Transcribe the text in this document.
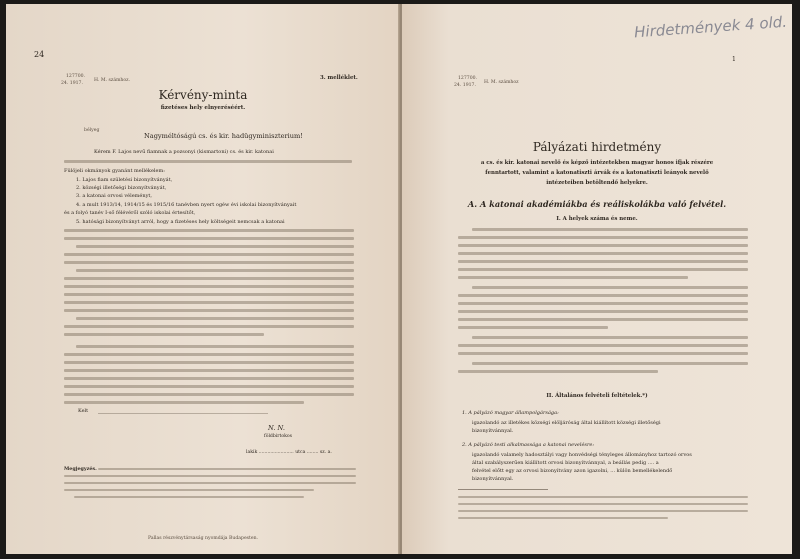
24
127700.
24. 1917.
H. M. számhoz.	3. melléklet.
Kérvény-minta
fizetéses hely elnyeréséért.
bélyeg
Nagyméltóságú cs. és kir. hadügyminiszterium!
Kérem F. Lajos nevű fiamnak a pozsonyi (kismartoni) cs. és kir. katonai
Fülöjeli okmányok gyanánt mellékelem:
1. Lajos fiam születési bizonyítványát,
2. községi illetőségi bizonyítványát,
3. a katonai orvosi véleményt,
4. a mult 1913/14, 1914/15 és 1915/16 tanévben nyert ogéw évi iskolai bizonyítványait
és a folyó tanév I-ső félévéről szóló iskolai értesítőt,
5. hatósági bizonyítványt arról, hogy a fizetéses hely költségeit nemcsak a katonai
Kelt
N. N.
földbirtokos
lakik ........................ utca ........ sz. a.
Megjegyzés.
Pallas részvénytársaság nyomdája Budapesten.
Hirdetmények 4 old.
1
127700.
24. 1917.
H. M. számhoz
Pályázati hirdetmény
a cs. és kir. katonai nevelő és képző intézetekben magyar honos ifjak részére
fenntartott, valamint a katonatiszti árvák és a katonatiszti leányok nevelő
intézeteiben betöltendő helyekre.
A. A katonai akadémiákba és reáliskolákba való felvétel.
I. A helyek száma és neme.
II. Általános felvételi feltételek.*)
1. A pályázó magyar állampolgársága:
igazolandó az illetékes községi elöljáróság által kiállított községi illetőségi
bizonyítvánnyal.
2. A pályázó testi alkalmassága a katonai nevelésre:
igazolandó valamely hadosztályi vagy honvédségi tényleges állományhoz tartozó orvos
által szabályszerűen kiállított orvosi bizonyítvánnyal, a beállás pedig .... a
felvétel előtt egy az orvosi bizonyítvány azon igazolni, ... külön bemellékelendő
bizonyítvánnyal.
